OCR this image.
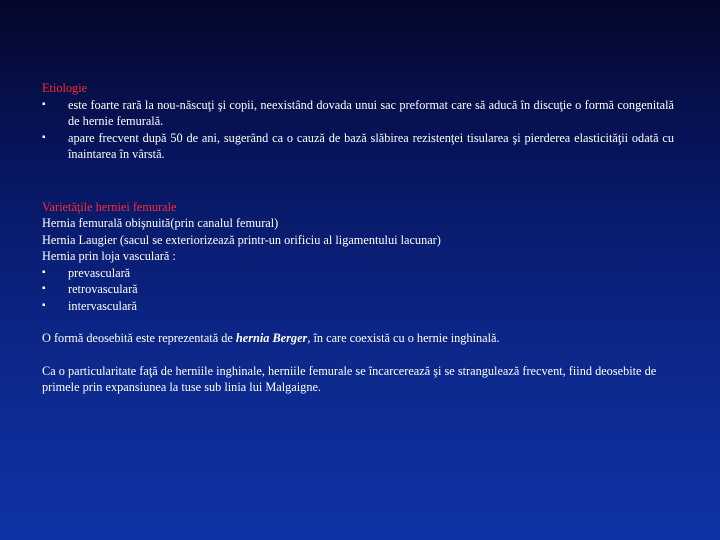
Etiologie
▪	este foarte rară la nou-născuţi şi copii, neexistând dovada unui sac preformat care să aducă în discuţie o formă congenitală de hernie femurală.
▪	apare frecvent după 50 de ani, sugerând ca o cauză de bază slăbirea rezistenţei tisularea şi pierderea elasticităţii odată cu înaintarea în vârstă.
Varietăţile herniei femurale
Hernia femurală obişnuită(prin canalul femural)
Hernia Laugier (sacul se exteriorizează printr-un orificiu al ligamentului lacunar)
Hernia prin loja vasculară :
▪	prevasculară
▪	retrovasculară
▪	intervasculară
O formă deosebită este reprezentată de hernia Berger, în care coexistă cu o hernie inghinală.
Ca o particularitate faţă de herniile inghinale, herniile femurale se încarcerează şi se strangulează frecvent, fiind deosebite de primele prin expansiunea la tuse sub linia lui Malgaigne.
